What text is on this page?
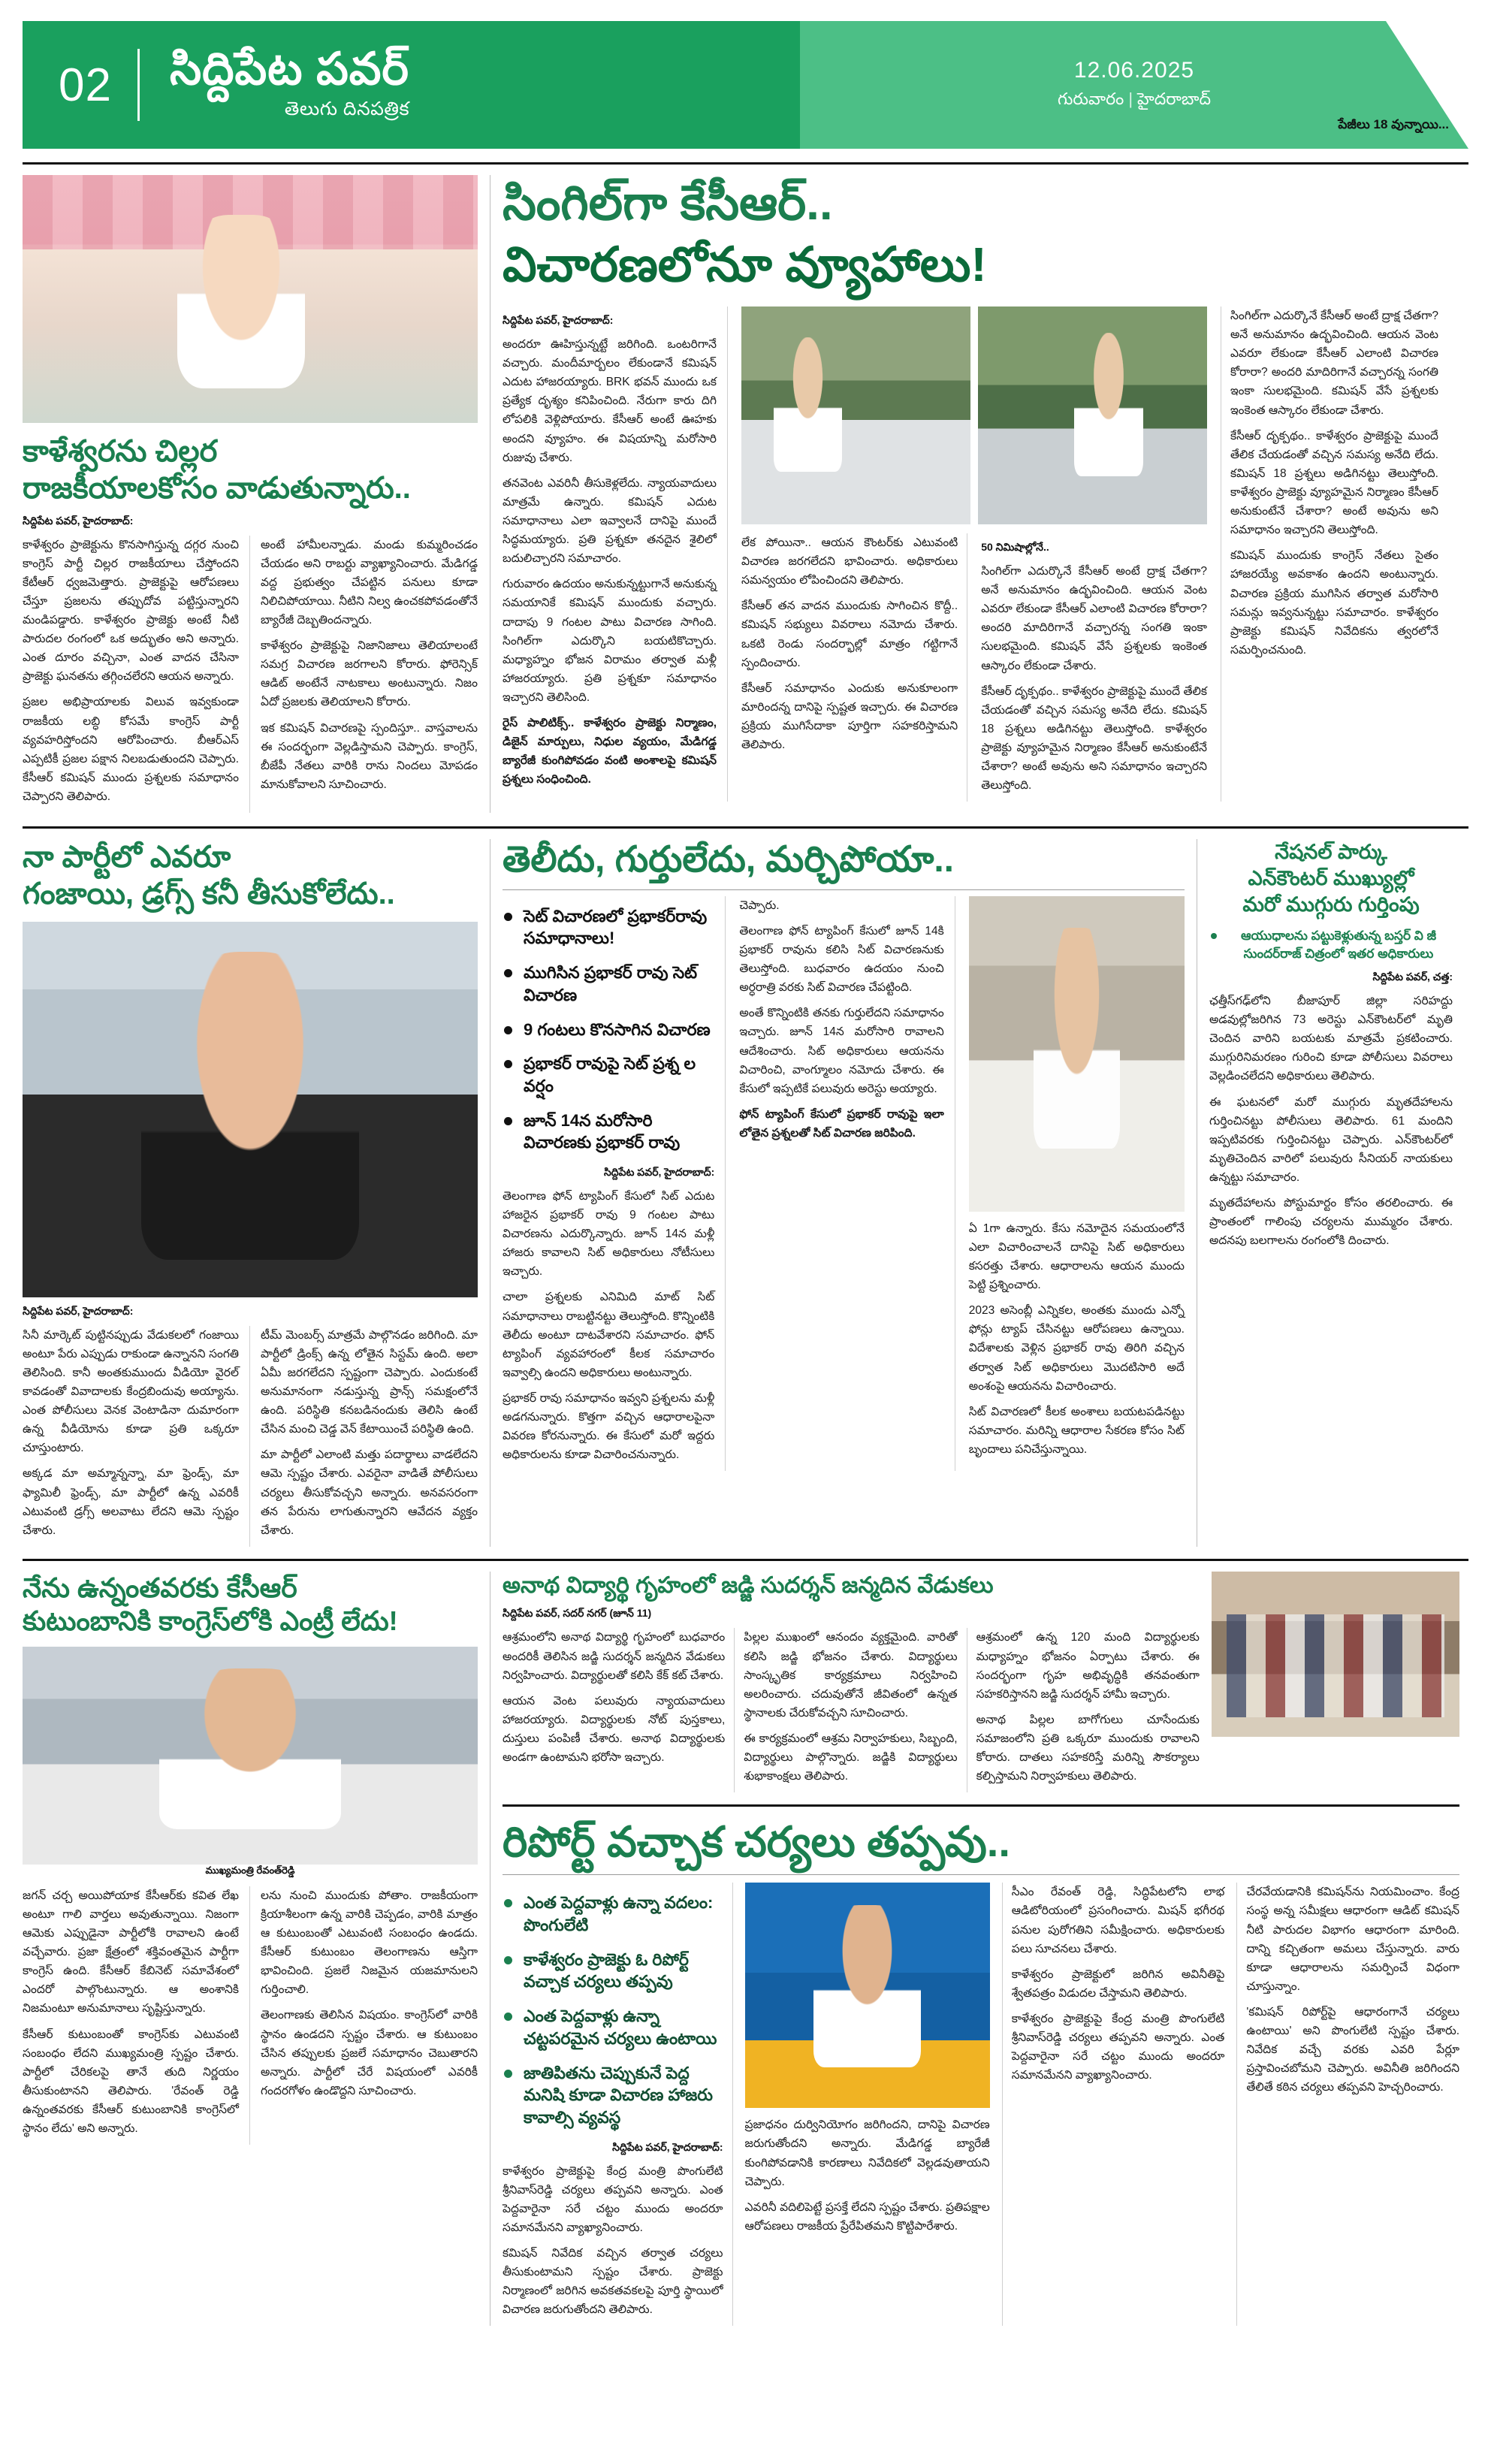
02	సిద్దిపేట పవర్
తెలుగు దినపత్రిక
12.06.2025
గురువారం | హైదరాబాద్
పేజీలు 18 వున్నాయి...
కాళేశ్వరను చిల్లర
రాజకీయాలకోసం వాడుతున్నారు..
సిద్దిపేట పవర్, హైదరాబాద్:

కాళేశ్వరం ప్రాజెక్టును కొనసాగిస్తున్న దగ్గర నుంచి కాంగ్రెస్ పార్టీ చిల్లర రాజకీయాలు చేస్తోందని కేటీఆర్ ధ్వజమెత్తారు. ప్రాజెక్టుపై ఆరోపణలు చేస్తూ ప్రజలను తప్పుదోవ పట్టిస్తున్నారని మండిపడ్డారు. కాళేశ్వరం ప్రాజెక్టు అంటే నీటి పారుదల రంగంలో ఒక అద్భుతం అని అన్నారు. ఎంత దూరం వచ్చినా, ఎంత వాదన చేసినా ప్రాజెక్టు ఘనతను తగ్గించలేరని ఆయన అన్నారు.

ప్రజల అభిప్రాయాలకు విలువ ఇవ్వకుండా రాజకీయ లబ్ధి కోసమే కాంగ్రెస్ పార్టీ వ్యవహరిస్తోందని ఆరోపించారు. బీఆర్ఎస్ ఎప్పటికీ ప్రజల పక్షాన నిలబడుతుందని చెప్పారు. కేసీఆర్ కమిషన్ ముందు ప్రశ్నలకు సమాధానం చెప్పారని తెలిపారు.

అంటే హామీలన్నాడు. మండు కుమ్మరించడం చేయడం అని రాబర్టు వ్యాఖ్యానించారు. మేడిగడ్డ వద్ద ప్రభుత్వం చేపట్టిన పనులు కూడా నిలిచిపోయాయి. నీటిని నిల్వ ఉంచకపోవడంతోనే బ్యారేజీ దెబ్బతిందన్నారు.

కాళేశ్వరం ప్రాజెక్టుపై నిజానిజాలు తెలియాలంటే సమగ్ర విచారణ జరగాలని కోరారు. ఫోరెన్సిక్ ఆడిట్ అంటేనే నాటకాలు అంటున్నారు. నిజం ఏదో ప్రజలకు తెలియాలని కోరారు.

ఇక కమిషన్ విచారణపై స్పందిస్తూ.. వాస్తవాలను ఈ సందర్భంగా వెల్లడిస్తామని చెప్పారు. కాంగ్రెస్, బీజేపీ నేతలు వారికి రాను నిందలు మోపడం మానుకోవాలని సూచించారు.

సింగిల్‌గా కేసీఆర్..
విచారణలోనూ వ్యూహాలు!
సిద్దిపేట పవర్, హైదరాబాద్:

అందరూ ఊహిస్తున్నట్టే జరిగింది. ఒంటరిగానే వచ్చారు. మందీమార్బలం లేకుండానే కమిషన్ ఎదుట హాజరయ్యారు. BRK భవన్ ముందు ఒక ప్రత్యేక దృశ్యం కనిపించింది. నేరుగా కారు దిగి లోపలికి వెళ్లిపోయారు. కేసీఆర్ అంటే ఊహకు అందని వ్యూహం. ఈ విషయాన్ని మరోసారి రుజువు చేశారు.

తనవెంట ఎవరినీ తీసుకెళ్లలేదు. న్యాయవాదులు మాత్రమే ఉన్నారు. కమిషన్ ఎదుట సమాధానాలు ఎలా ఇవ్వాలనే దానిపై ముందే సిద్ధమయ్యారు. ప్రతి ప్రశ్నకూ తనదైన శైలిలో బదులిచ్చారని సమాచారం.

గురువారం ఉదయం అనుకున్నట్టుగానే అనుకున్న సమయానికే కమిషన్ ముందుకు వచ్చారు. దాదాపు 9 గంటల పాటు విచారణ సాగింది. సింగిల్‌గా ఎదుర్కొని బయటికొచ్చారు. మధ్యాహ్నం భోజన విరామం తర్వాత మళ్లీ హాజరయ్యారు. ప్రతి ప్రశ్నకూ సమాధానం ఇచ్చారని తెలిసింది.

రైస్ పాలిటిక్స్.. కాళేశ్వరం ప్రాజెక్టు నిర్మాణం, డిజైన్ మార్పులు, నిధుల వ్యయం, మేడిగడ్డ బ్యారేజీ కుంగిపోవడం వంటి అంశాలపై కమిషన్ ప్రశ్నలు సంధించింది.

లేక పోయినా.. ఆయన కౌంటర్‌కు ఎటువంటి విచారణ జరగలేదని భావించారు. అధికారులు సమన్వయం లోపించిందని తెలిపారు.

కేసీఆర్ తన వాదన ముందుకు సాగించిన కొద్దీ.. కమిషన్ సభ్యులు వివరాలు నమోదు చేశారు. ఒకటి రెండు సందర్భాల్లో మాత్రం గట్టిగానే స్పందించారు.

కేసీఆర్ సమాధానం ఎందుకు అనుకూలంగా మారిందన్న దానిపై స్పష్టత ఇచ్చారు. ఈ విచారణ ప్రక్రియ ముగిసేదాకా పూర్తిగా సహకరిస్తామని తెలిపారు.

50 నిమిషాల్లోనే..

సింగిల్‌గా ఎదుర్కొనే కేసీఆర్ అంటే ద్రాక్ష చేతగా? అనే అనుమానం ఉద్భవించింది. ఆయన వెంట ఎవరూ లేకుండా కేసీఆర్ ఎలాంటి విచారణ కోరారా? అందరి మాదిరిగానే వచ్చారన్న సంగతి ఇంకా సులభమైంది. కమిషన్ వేసే ప్రశ్నలకు ఇంకెంత ఆస్కారం లేకుండా చేశారు.

కేసీఆర్ దృక్పథం.. కాళేశ్వరం ప్రాజెక్టుపై ముందే తేలిక చేయడంతో వచ్చిన సమస్య అనేది లేదు. కమిషన్ 18 ప్రశ్నలు అడిగినట్టు తెలుస్తోంది. కాళేశ్వరం ప్రాజెక్టు వ్యూహమైన నిర్మాణం కేసీఆర్ అనుకుంటేనే చేశారా? అంటే అవును అని సమాధానం ఇచ్చారని తెలుస్తోంది.

సింగిల్‌గా ఎదుర్కొనే కేసీఆర్ అంటే ద్రాక్ష చేతగా? అనే అనుమానం ఉద్భవించింది. ఆయన వెంట ఎవరూ లేకుండా కేసీఆర్ ఎలాంటి విచారణ కోరారా? అందరి మాదిరిగానే వచ్చారన్న సంగతి ఇంకా సులభమైంది. కమిషన్ వేసే ప్రశ్నలకు ఇంకెంత ఆస్కారం లేకుండా చేశారు.

కేసీఆర్ దృక్పథం.. కాళేశ్వరం ప్రాజెక్టుపై ముందే తేలిక చేయడంతో వచ్చిన సమస్య అనేది లేదు. కమిషన్ 18 ప్రశ్నలు అడిగినట్టు తెలుస్తోంది. కాళేశ్వరం ప్రాజెక్టు వ్యూహమైన నిర్మాణం కేసీఆర్ అనుకుంటేనే చేశారా? అంటే అవును అని సమాధానం ఇచ్చారని తెలుస్తోంది.

కమిషన్ ముందుకు కాంగ్రెస్ నేతలు సైతం హాజరయ్యే అవకాశం ఉందని అంటున్నారు. విచారణ ప్రక్రియ ముగిసిన తర్వాత మరోసారి సమన్లు ఇవ్వనున్నట్టు సమాచారం. కాళేశ్వరం ప్రాజెక్టు కమిషన్ నివేదికను త్వరలోనే సమర్పించనుంది.

నా పార్టీలో ఎవరూ
గంజాయి, డ్రగ్స్ కనీ తీసుకోలేదు..
సిద్దిపేట పవర్, హైదరాబాద్:

సినీ మార్కెట్ పుట్టినప్పుడు వేడుకలలో గంజాయి అంటూ పేరు ఎప్పుడు రాకుండా ఉన్నానని సంగతి తెలిసింది. కానీ అంతకుముందు వీడియో వైరల్ కావడంతో వివాదాలకు కేంద్రబిందువు అయ్యాను. ఎంత పోలీసులు వెనక వెంటాడినా దుమారంగా ఉన్న వీడియోను కూడా ప్రతి ఒక్కరూ చూస్తుంటారు.

అక్కడ మా అమ్మాన్నన్నా, మా ఫ్రెండ్స్, మా ఫ్యామిలీ ఫ్రెండ్స్, మా పార్టీలో ఉన్న ఎవరికీ ఎటువంటి డ్రగ్స్ అలవాటు లేదని ఆమె స్పష్టం చేశారు.

టీమ్ మెంబర్స్ మాత్రమే పాల్గొనడం జరిగింది. మా పార్టీలో డ్రింక్స్ ఉన్న లోతైన సిస్టమ్ ఉంది. అలా ఏమీ జరగలేదని స్పష్టంగా చెప్పారు. ఎందుకంటే అనుమానంగా నడుస్తున్న ప్రాన్స్ సమక్షంలోనే ఉంది. పరిస్థితి కనబడినందుకు తెలిసి ఉంటే చేసిన మంచి చెడ్డ వెన్ కేటాయించే పరిస్థితి ఉంది.

మా పార్టీలో ఎలాంటి మత్తు పదార్థాలు వాడలేదని ఆమె స్పష్టం చేశారు. ఎవరైనా వాడితే పోలీసులు చర్యలు తీసుకోవచ్చని అన్నారు. అనవసరంగా తన పేరును లాగుతున్నారని ఆవేదన వ్యక్తం చేశారు.

తెలీదు, గుర్తులేదు, మర్చిపోయా..
సెట్ విచారణలో ప్రభాకర్‌రావు సమాధానాలు!
ముగిసిన ప్రభాకర్ రావు సెట్ విచారణ
9 గంటలు కొనసాగిన విచారణ
ప్రభాకర్ రావుపై సెట్ ప్రశ్న ల వర్షం
జూన్ 14న మరోసారి విచారణకు ప్రభాకర్ రావు
సిద్దిపేట పవర్, హైదరాబాద్:

తెలంగాణ ఫోన్ ట్యాపింగ్ కేసులో సిట్ ఎదుట హాజరైన ప్రభాకర్ రావు 9 గంటల పాటు విచారణను ఎదుర్కొన్నారు. జూన్ 14న మళ్లీ హాజరు కావాలని సిట్ అధికారులు నోటీసులు ఇచ్చారు.

చాలా ప్రశ్నలకు ఎనిమిది మాట్ సిట్ సమాధానాలు రాబట్టినట్టు తెలుస్తోంది. కొన్నింటికి తెలీదు అంటూ దాటవేశారని సమాచారం. ఫోన్ ట్యాపింగ్ వ్యవహారంలో కీలక సమాచారం ఇవ్వాల్సి ఉందని అధికారులు అంటున్నారు.

ప్రభాకర్ రావు సమాధానం ఇవ్వని ప్రశ్నలను మళ్లీ అడగనున్నారు. కొత్తగా వచ్చిన ఆధారాలపైనా వివరణ కోరనున్నారు. ఈ కేసులో మరో ఇద్దరు అధికారులను కూడా విచారించనున్నారు.

చెప్పారు.

తెలంగాణ ఫోన్ ట్యాపింగ్ కేసులో జూన్ 14కి ప్రభాకర్ రావును కలిసి సిట్ విచారణనుకు తెలుస్తోంది. బుధవారం ఉదయం నుంచి అర్ధరాత్రి వరకు సిట్ విచారణ చేపట్టింది.

అంతే కొన్నింటికి తనకు గుర్తులేదని సమాధానం ఇచ్చారు. జూన్ 14న మరోసారి రావాలని ఆదేశించారు. సిట్ అధికారులు ఆయనను విచారించి, వాంగ్మూలం నమోదు చేశారు. ఈ కేసులో ఇప్పటికే పలువురు అరెస్టు అయ్యారు.

ఫోన్ ట్యాపింగ్ కేసులో ప్రభాకర్ రావుపై ఇలా లోతైన ప్రశ్నలతో సిట్ విచారణ జరిపింది.

ఏ 1గా ఉన్నారు. కేసు నమోదైన సమయంలోనే ఎలా విచారించాలనే దానిపై సిట్ అధికారులు కసరత్తు చేశారు. ఆధారాలను ఆయన ముందు పెట్టి ప్రశ్నించారు.

2023 అసెంబ్లీ ఎన్నికల, అంతకు ముందు ఎన్నో ఫోన్లు ట్యాప్ చేసినట్టు ఆరోపణలు ఉన్నాయి. విదేశాలకు వెళ్లిన ప్రభాకర్ రావు తిరిగి వచ్చిన తర్వాత సిట్ అధికారులు మొదటిసారి అదే అంశంపై ఆయనను విచారించారు.

సిట్ విచారణలో కీలక అంశాలు బయటపడినట్టు సమాచారం. మరిన్ని ఆధారాల సేకరణ కోసం సిట్ బృందాలు పనిచేస్తున్నాయి.

నేషనల్ పార్కు
ఎన్‌కౌంటర్ ముఖ్యుల్లో
మరో ముగ్గురు గుర్తింపు
ఆయుధాలను పట్టుకెళ్లుతున్న బస్తర్ వి జీ సుందర్‌రాజ్ చిత్రంలో ఇతర అధికారులు
సిద్దిపేట పవర్, చత్త:

ఛత్తీస్‌గఢ్‌లోని బీజాపూర్ జిల్లా సరిహద్దు అడవుల్లోజరిగిన 73 అరెస్టు ఎన్‌కౌంటర్‌లో మృతి చెందిన వారిని బయటకు మాత్రమే ప్రకటించారు. ముగ్గురినిమరణం గురించి కూడా పోలీసులు వివరాలు వెల్లడించలేదని అధికారులు తెలిపారు.

ఈ ఘటనలో మరో ముగ్గురు మృతదేహాలను గుర్తించినట్టు పోలీసులు తెలిపారు. 61 మందిని ఇప్పటివరకు గుర్తించినట్టు చెప్పారు. ఎన్‌కౌంటర్‌లో మృతిచెందిన వారిలో పలువురు సీనియర్ నాయకులు ఉన్నట్టు సమాచారం.

మృతదేహాలను పోస్టుమార్టం కోసం తరలించారు. ఈ ప్రాంతంలో గాలింపు చర్యలను ముమ్మరం చేశారు. అదనపు బలగాలను రంగంలోకి దించారు.

నేను ఉన్నంతవరకు కేసీఆర్
కుటుంబానికి కాంగ్రెస్‌లోకి ఎంట్రీ లేదు!
ముఖ్యమంత్రి రేవంత్‌రెడ్డి

జగన్ చర్చ అయిపోయాక కేసీఆర్‌కు కవిత లేఖ అంటూ గాలి వార్తలు అవుతున్నాయి. నిజంగా ఆమెకు ఎప్పుడైనా పార్టీలోకి రావాలని ఉంటే వచ్చేవారు. ప్రజా క్షేత్రంలో శక్తివంతమైన పార్టీగా కాంగ్రెస్ ఉంది. కేసీఆర్ కేబినెట్ సమావేశంలో ఎందరో పాల్గొంటున్నారు. ఆ అంశానికి నిజమంటూ అనుమానాలు సృష్టిస్తున్నారు.

కేసీఆర్ కుటుంబంతో కాంగ్రెస్‌కు ఎటువంటి సంబంధం లేదని ముఖ్యమంత్రి స్పష్టం చేశారు. పార్టీలో చేరికలపై తానే తుది నిర్ణయం తీసుకుంటానని తెలిపారు. 'రేవంత్ రెడ్డి ఉన్నంతవరకు కేసీఆర్ కుటుంబానికి కాంగ్రెస్‌లో స్థానం లేదు' అని అన్నారు.

లను నుంచి ముందుకు పోతాం. రాజకీయంగా క్రియాశీలంగా ఉన్న వారికి చెప్పడం, వారికి మాత్రం ఆ కుటుంబంతో ఎటువంటి సంబంధం ఉండదు. కేసీఆర్ కుటుంబం తెలంగాణను ఆస్తిగా భావించింది. ప్రజలే నిజమైన యజమానులని గుర్తించాలి.

తెలంగాణకు తెలిసిన విషయం. కాంగ్రెస్‌లో వారికి స్థానం ఉండదని స్పష్టం చేశారు. ఆ కుటుంబం చేసిన తప్పులకు ప్రజలే సమాధానం చెబుతారని అన్నారు. పార్టీలో చేరే విషయంలో ఎవరికీ గందరగోళం ఉండొద్దని సూచించారు.

అనాథ విద్యార్థి గృహంలో జడ్జి సుదర్శన్ జన్మదిన వేడుకలు
సిద్దిపేట పవర్, సదర్ నగర్ (జూన్ 11)

ఆశ్రమంలోని అనాథ విద్యార్థి గృహంలో బుధవారం అందరికీ తెలిసిన జడ్జి సుదర్శన్ జన్మదిన వేడుకలు నిర్వహించారు. విద్యార్థులతో కలిసి కేక్ కట్ చేశారు.

ఆయన వెంట పలువురు న్యాయవాదులు హాజరయ్యారు. విద్యార్థులకు నోట్ పుస్తకాలు, దుస్తులు పంపిణీ చేశారు. అనాథ విద్యార్థులకు అండగా ఉంటామని భరోసా ఇచ్చారు.

పిల్లల ముఖంలో ఆనందం వ్యక్తమైంది. వారితో కలిసి జడ్జి భోజనం చేశారు. విద్యార్థులు సాంస్కృతిక కార్యక్రమాలు నిర్వహించి అలరించారు. చదువుతోనే జీవితంలో ఉన్నత స్థానాలకు చేరుకోవచ్చని సూచించారు.

ఈ కార్యక్రమంలో ఆశ్రమ నిర్వాహకులు, సిబ్బంది, విద్యార్థులు పాల్గొన్నారు. జడ్జికి విద్యార్థులు శుభాకాంక్షలు తెలిపారు.

ఆశ్రమంలో ఉన్న 120 మంది విద్యార్థులకు మధ్యాహ్నం భోజనం ఏర్పాటు చేశారు. ఈ సందర్భంగా గృహ అభివృద్ధికి తనవంతుగా సహకరిస్తానని జడ్జి సుదర్శన్ హామీ ఇచ్చారు.

అనాథ పిల్లల బాగోగులు చూసేందుకు సమాజంలోని ప్రతి ఒక్కరూ ముందుకు రావాలని కోరారు. దాతలు సహకరిస్తే మరిన్ని సౌకర్యాలు కల్పిస్తామని నిర్వాహకులు తెలిపారు.

రిపోర్ట్ వచ్చాక చర్యలు తప్పవు..
ఎంత పెద్దవాళ్లు ఉన్నా వదలం: పొంగులేటి
కాళేశ్వరం ప్రాజెక్టు ఓ రిపోర్ట్ వచ్చాక చర్యలు తప్పవు
ఎంత పెద్దవాళ్లు ఉన్నా చట్టపరమైన చర్యలు ఉంటాయి
జాతిపితను చెప్పుకునే పెద్ద మనిషి కూడా విచారణ హాజరు కావాల్సి వ్యవస్థ
సిద్దిపేట పవర్, హైదరాబాద్:

కాళేశ్వరం ప్రాజెక్టుపై కేంద్ర మంత్రి పొంగులేటి శ్రీనివాస్‌రెడ్డి చర్యలు తప్పవని అన్నారు. ఎంత పెద్దవారైనా సరే చట్టం ముందు అందరూ సమానమేనని వ్యాఖ్యానించారు.

కమిషన్ నివేదిక వచ్చిన తర్వాత చర్యలు తీసుకుంటామని స్పష్టం చేశారు. ప్రాజెక్టు నిర్మాణంలో జరిగిన అవకతవకలపై పూర్తి స్థాయిలో విచారణ జరుగుతోందని తెలిపారు.

ప్రజాధనం దుర్వినియోగం జరిగిందని, దానిపై విచారణ జరుగుతోందని అన్నారు. మేడిగడ్డ బ్యారేజీ కుంగిపోవడానికి కారణాలు నివేదికలో వెల్లడవుతాయని చెప్పారు.

ఎవరినీ వదిలిపెట్టే ప్రసక్తే లేదని స్పష్టం చేశారు. ప్రతిపక్షాల ఆరోపణలు రాజకీయ ప్రేరేపితమని కొట్టిపారేశారు.

సీఎం రేవంత్ రెడ్డి, సిద్ధిపేటలోని లాభ ఆడిటోరియంలో ప్రసంగించారు. మిషన్ భగీరథ పనుల పురోగతిని సమీక్షించారు. అధికారులకు పలు సూచనలు చేశారు.

కాళేశ్వరం ప్రాజెక్టులో జరిగిన అవినీతిపై శ్వేతపత్రం విడుదల చేస్తామని తెలిపారు.

కాళేశ్వరం ప్రాజెక్టుపై కేంద్ర మంత్రి పొంగులేటి శ్రీనివాస్‌రెడ్డి చర్యలు తప్పవని అన్నారు. ఎంత పెద్దవారైనా సరే చట్టం ముందు అందరూ సమానమేనని వ్యాఖ్యానించారు.

చేరవేయడానికి కమిషన్‌ను నియమించాం. కేంద్ర సంస్థ అన్న సమీక్షలు ఆధారంగా ఆడిట్ కమిషన్ నీటి పారుదల విభాగం ఆధారంగా మారింది. దాన్ని కచ్చితంగా అమలు చేస్తున్నారు. వారు కూడా ఆధారాలను సమర్పించే విధంగా చూస్తున్నాం.

'కమిషన్ రిపోర్ట్‌పై ఆధారంగానే చర్యలు ఉంటాయి' అని పొంగులేటి స్పష్టం చేశారు. నివేదిక వచ్చే వరకు ఎవరి పేర్లూ ప్రస్తావించబోమని చెప్పారు. అవినీతి జరిగిందని తేలితే కఠిన చర్యలు తప్పవని హెచ్చరించారు.
